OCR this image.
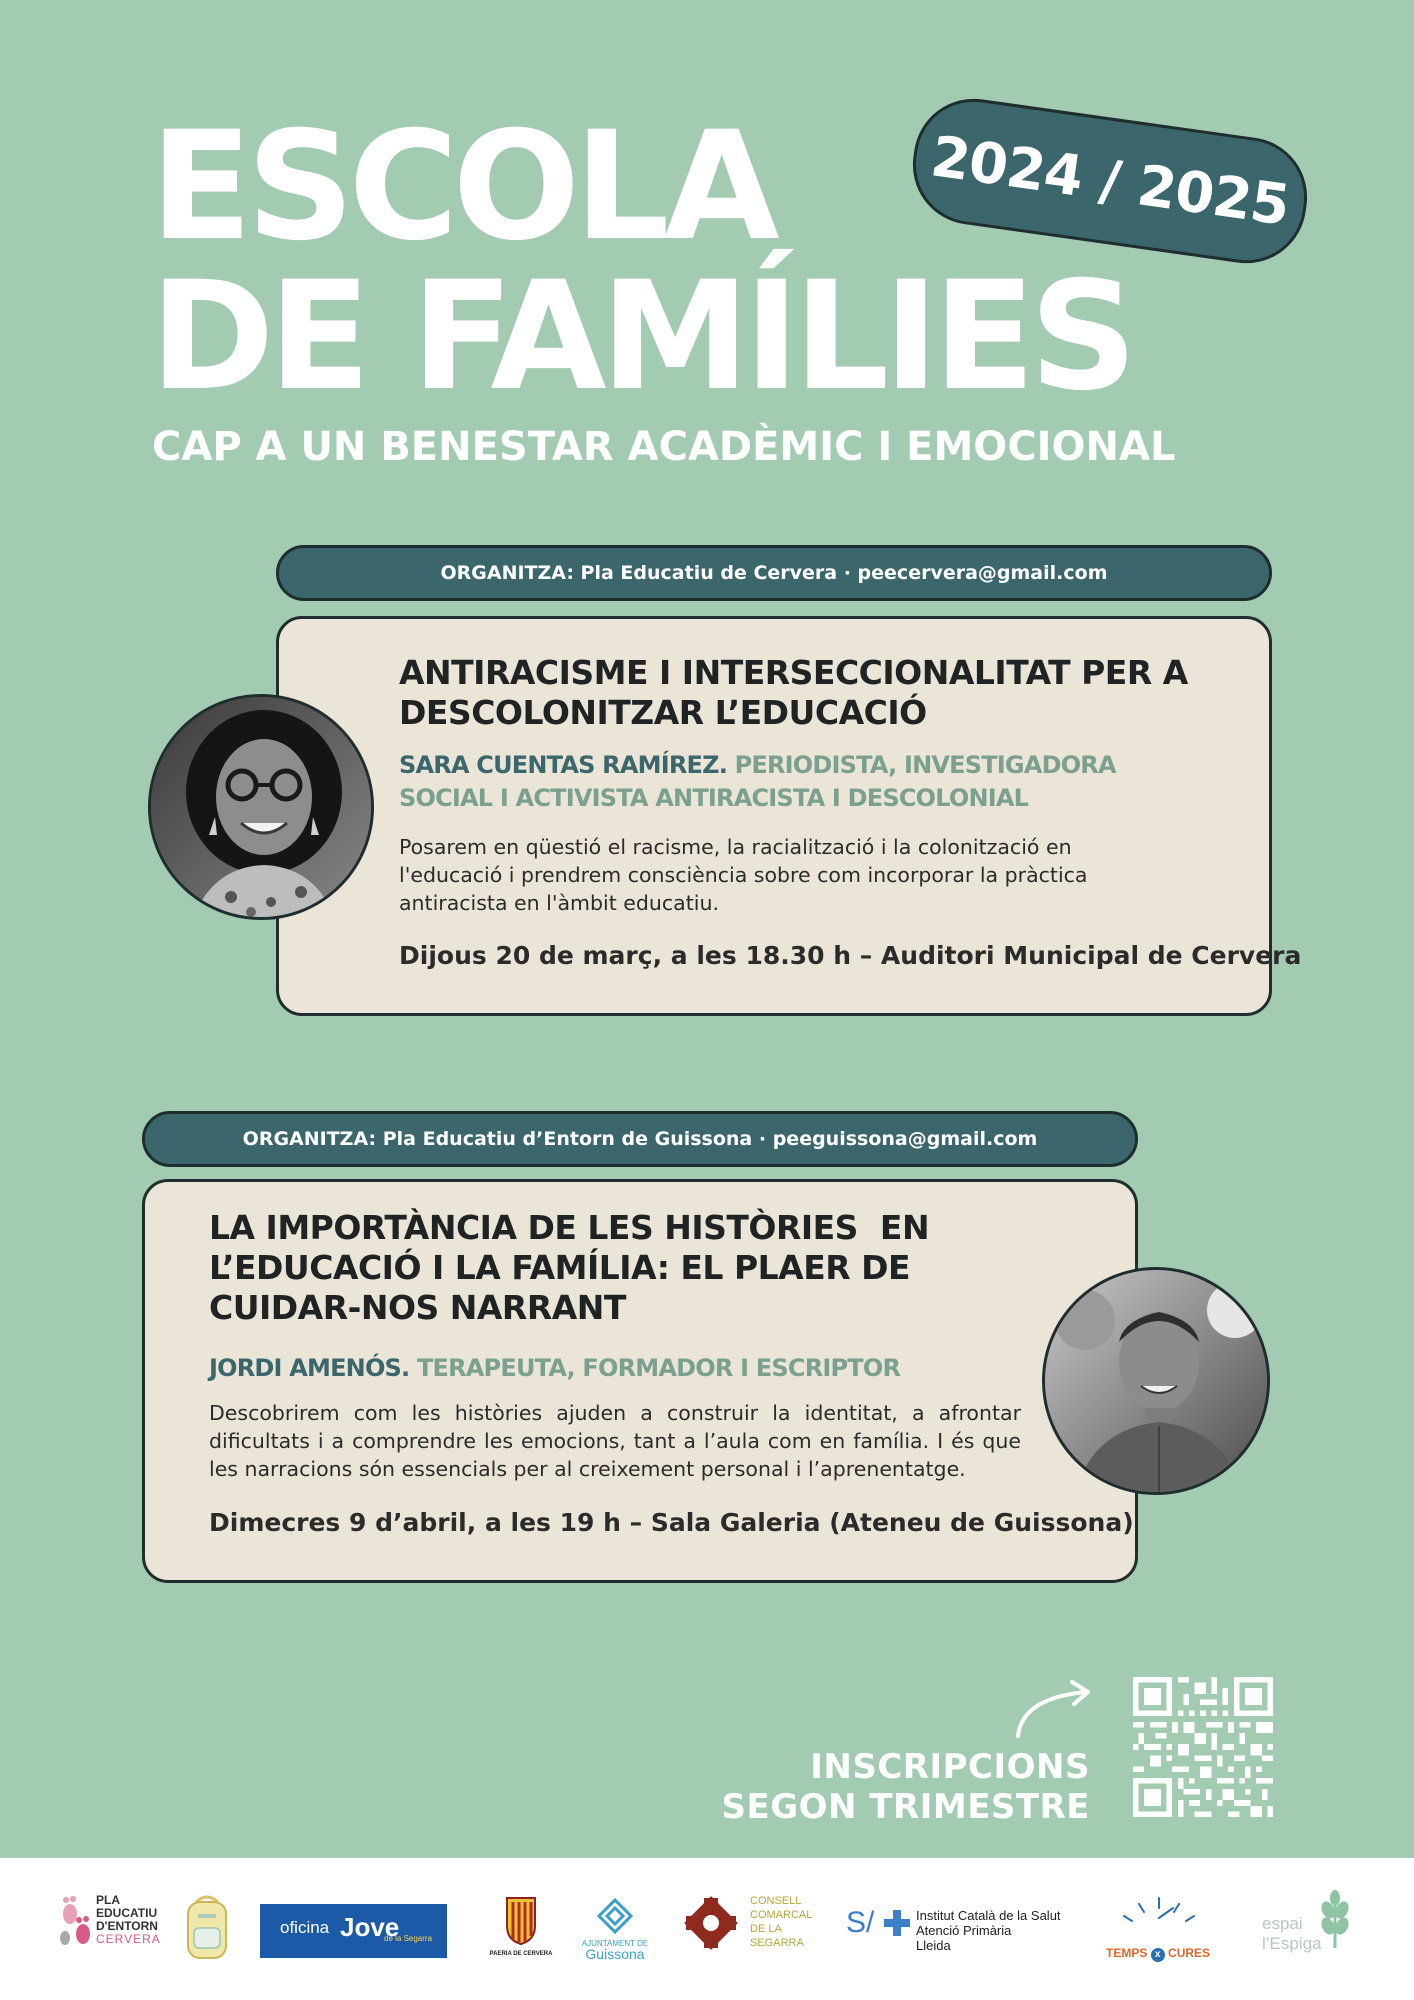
ESCOLA
DE FAMÍLIES
2024 / 2025
CAP A UN BENESTAR ACADÈMIC I EMOCIONAL
ORGANITZA: Pla Educatiu de Cervera · peecervera@gmail.com
ANTIRACISME I INTERSECCIONALITAT PER A DESCOLONITZAR L’EDUCACIÓ
SARA CUENTAS RAMÍREZ. PERIODISTA, INVESTIGADORA
SOCIAL I ACTIVISTA ANTIRACISTA I DESCOLONIAL
Posarem en qüestió el racisme, la racialització i la colonització en l'educació i prendrem consciència sobre com incorporar la pràctica antiracista en l'àmbit educatiu.
Dijous 20 de març, a les 18.30 h – Auditori Municipal de Cervera
ORGANITZA: Pla Educatiu d’Entorn de Guissona · peeguissona@gmail.com
LA IMPORTÀNCIA DE LES HISTÒRIES  EN
L’EDUCACIÓ I LA FAMÍLIA: EL PLAER DE
CUIDAR-NOS NARRANT
JORDI AMENÓS. TERAPEUTA, FORMADOR I ESCRIPTOR
Descobrirem com les històries ajuden a construir la identitat, a afrontar dificultats i a comprendre les emocions, tant a l’aula com en família. I és que les narracions són essencials per al creixement personal i l’aprenentatge.
Dimecres 9 d’abril, a les 19 h – Sala Galeria (Ateneu de Guissona)
INSCRIPCIONS
SEGON TRIMESTRE
PLA
EDUCATIU
D'ENTORN
CERVERA
oficina Jove
de la Segarra
PAERIA DE CERVERA
AJUNTAMENT DE
Guissona
CONSELL
COMARCAL
DE LA
SEGARRA
S/	Institut Català de la Salut
Atenció Primària
Lleida	TEMPS x CURES
espai
l’Espiga
